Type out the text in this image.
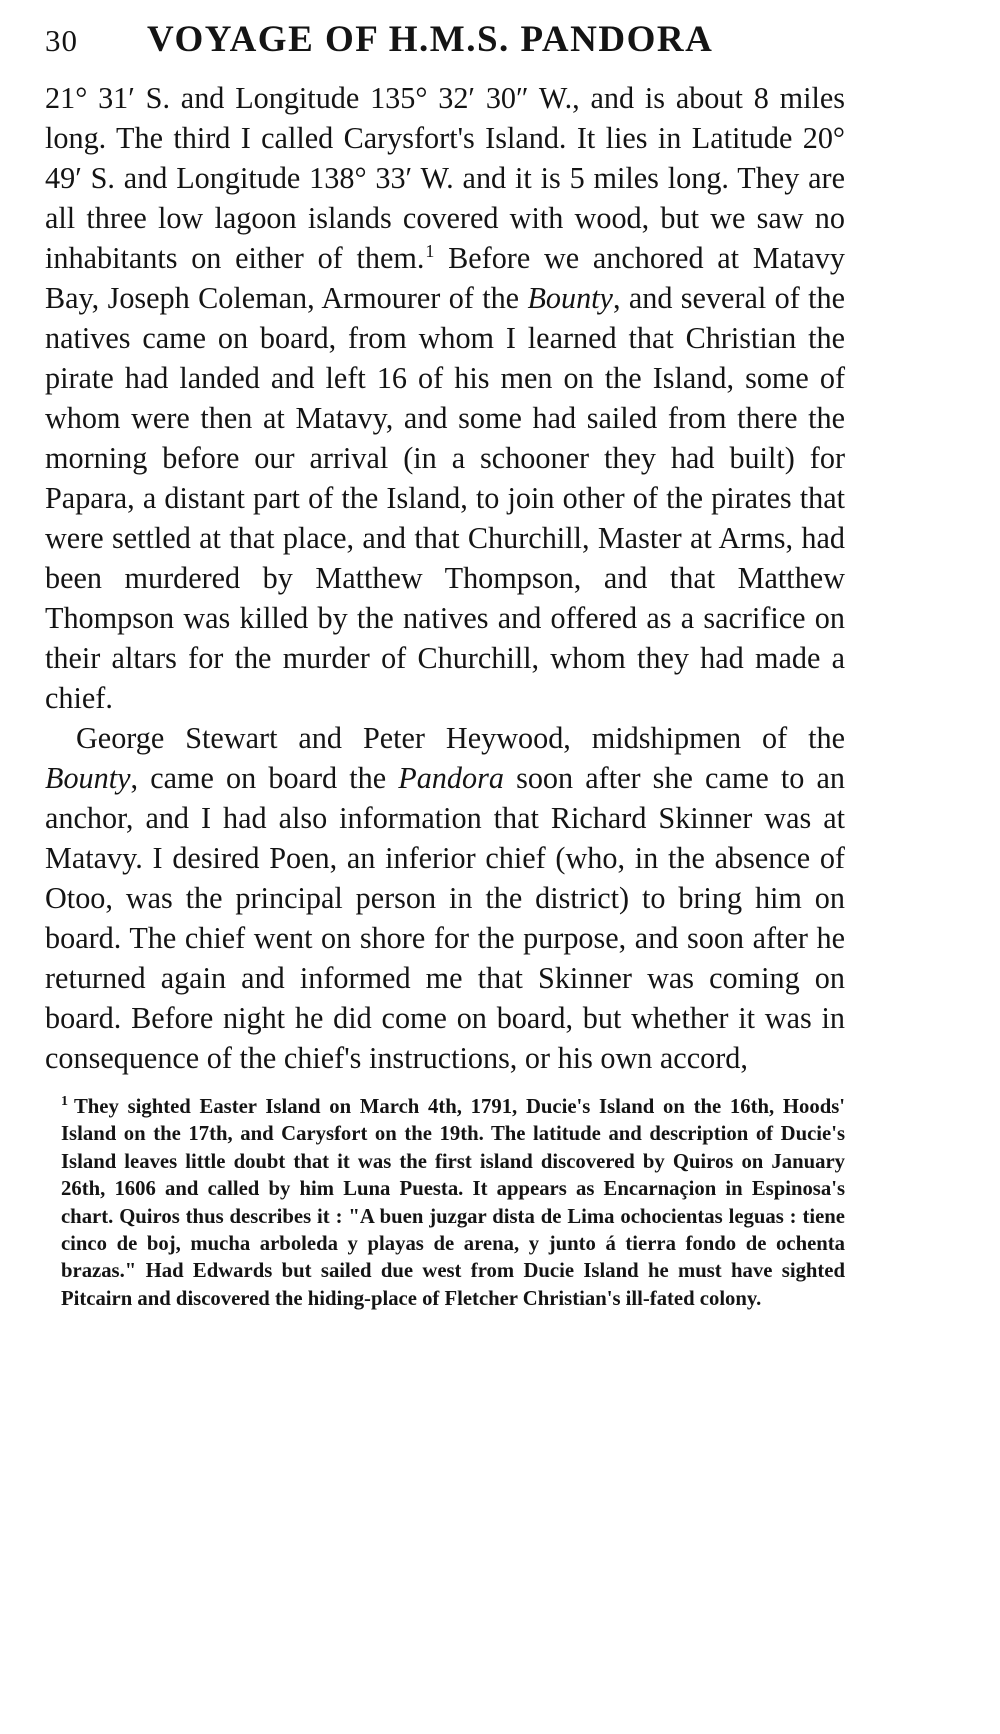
30	VOYAGE OF H.M.S. PANDORA

21° 31′ S. and Longitude 135° 32′ 30″ W., and is about 8 miles long. The third I called Carysfort's Island. It lies in Latitude 20° 49′ S. and Longitude 138° 33′ W. and it is 5 miles long. They are all three low lagoon islands covered with wood, but we saw no inhabitants on either of them.$^1$ Before we anchored at Matavy Bay, Joseph Coleman, Armourer of the Bounty, and several of the natives came on board, from whom I learned that Christian the pirate had landed and left 16 of his men on the Island, some of whom were then at Matavy, and some had sailed from there the morning before our arrival (in a schooner they had built) for Papara, a distant part of the Island, to join other of the pirates that were settled at that place, and that Churchill, Master at Arms, had been murdered by Matthew Thompson, and that Matthew Thompson was killed by the natives and offered as a sacrifice on their altars for the murder of Churchill, whom they had made a chief.

George Stewart and Peter Heywood, midshipmen of the Bounty, came on board the Pandora soon after she came to an anchor, and I had also information that Richard Skinner was at Matavy. I desired Poen, an inferior chief (who, in the absence of Otoo, was the principal person in the district) to bring him on board. The chief went on shore for the purpose, and soon after he returned again and informed me that Skinner was coming on board. Before night he did come on board, but whether it was in consequence of the chief's instructions, or his own accord,

$^1$ They sighted Easter Island on March 4th, 1791, Ducie's Island on the 16th, Hoods' Island on the 17th, and Carysfort on the 19th. The latitude and description of Ducie's Island leaves little doubt that it was the first island discovered by Quiros on January 26th, 1606 and called by him Luna Puesta. It appears as Encarnaçion in Espinosa's chart. Quiros thus describes it : "A buen juzgar dista de Lima ochocientas leguas : tiene cinco de boj, mucha arboleda y playas de arena, y junto á tierra fondo de ochenta brazas." Had Edwards but sailed due west from Ducie Island he must have sighted Pitcairn and discovered the hiding-place of Fletcher Christian's ill-fated colony.
